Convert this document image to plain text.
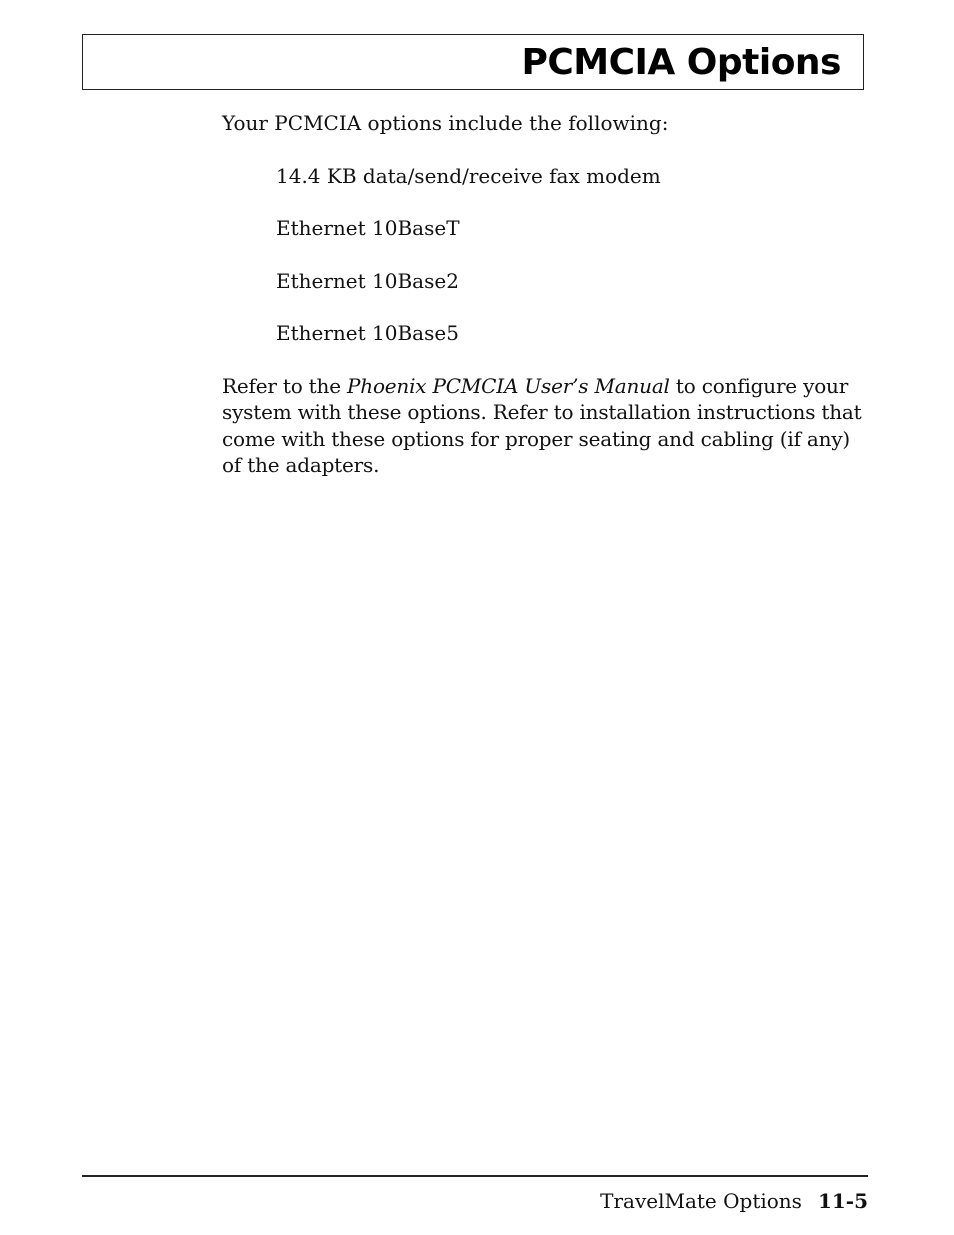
PCMCIA Options

Your PCMCIA options include the following:

14.4 KB data/send/receive fax modem
Ethernet 10BaseT
Ethernet 10Base2
Ethernet 10Base5

Refer to the Phoenix PCMCIA User’s Manual to configure your system with these options. Refer to installation instructions that come with these options for proper seating and cabling (if any) of the adapters.

TravelMate Options 11-5
